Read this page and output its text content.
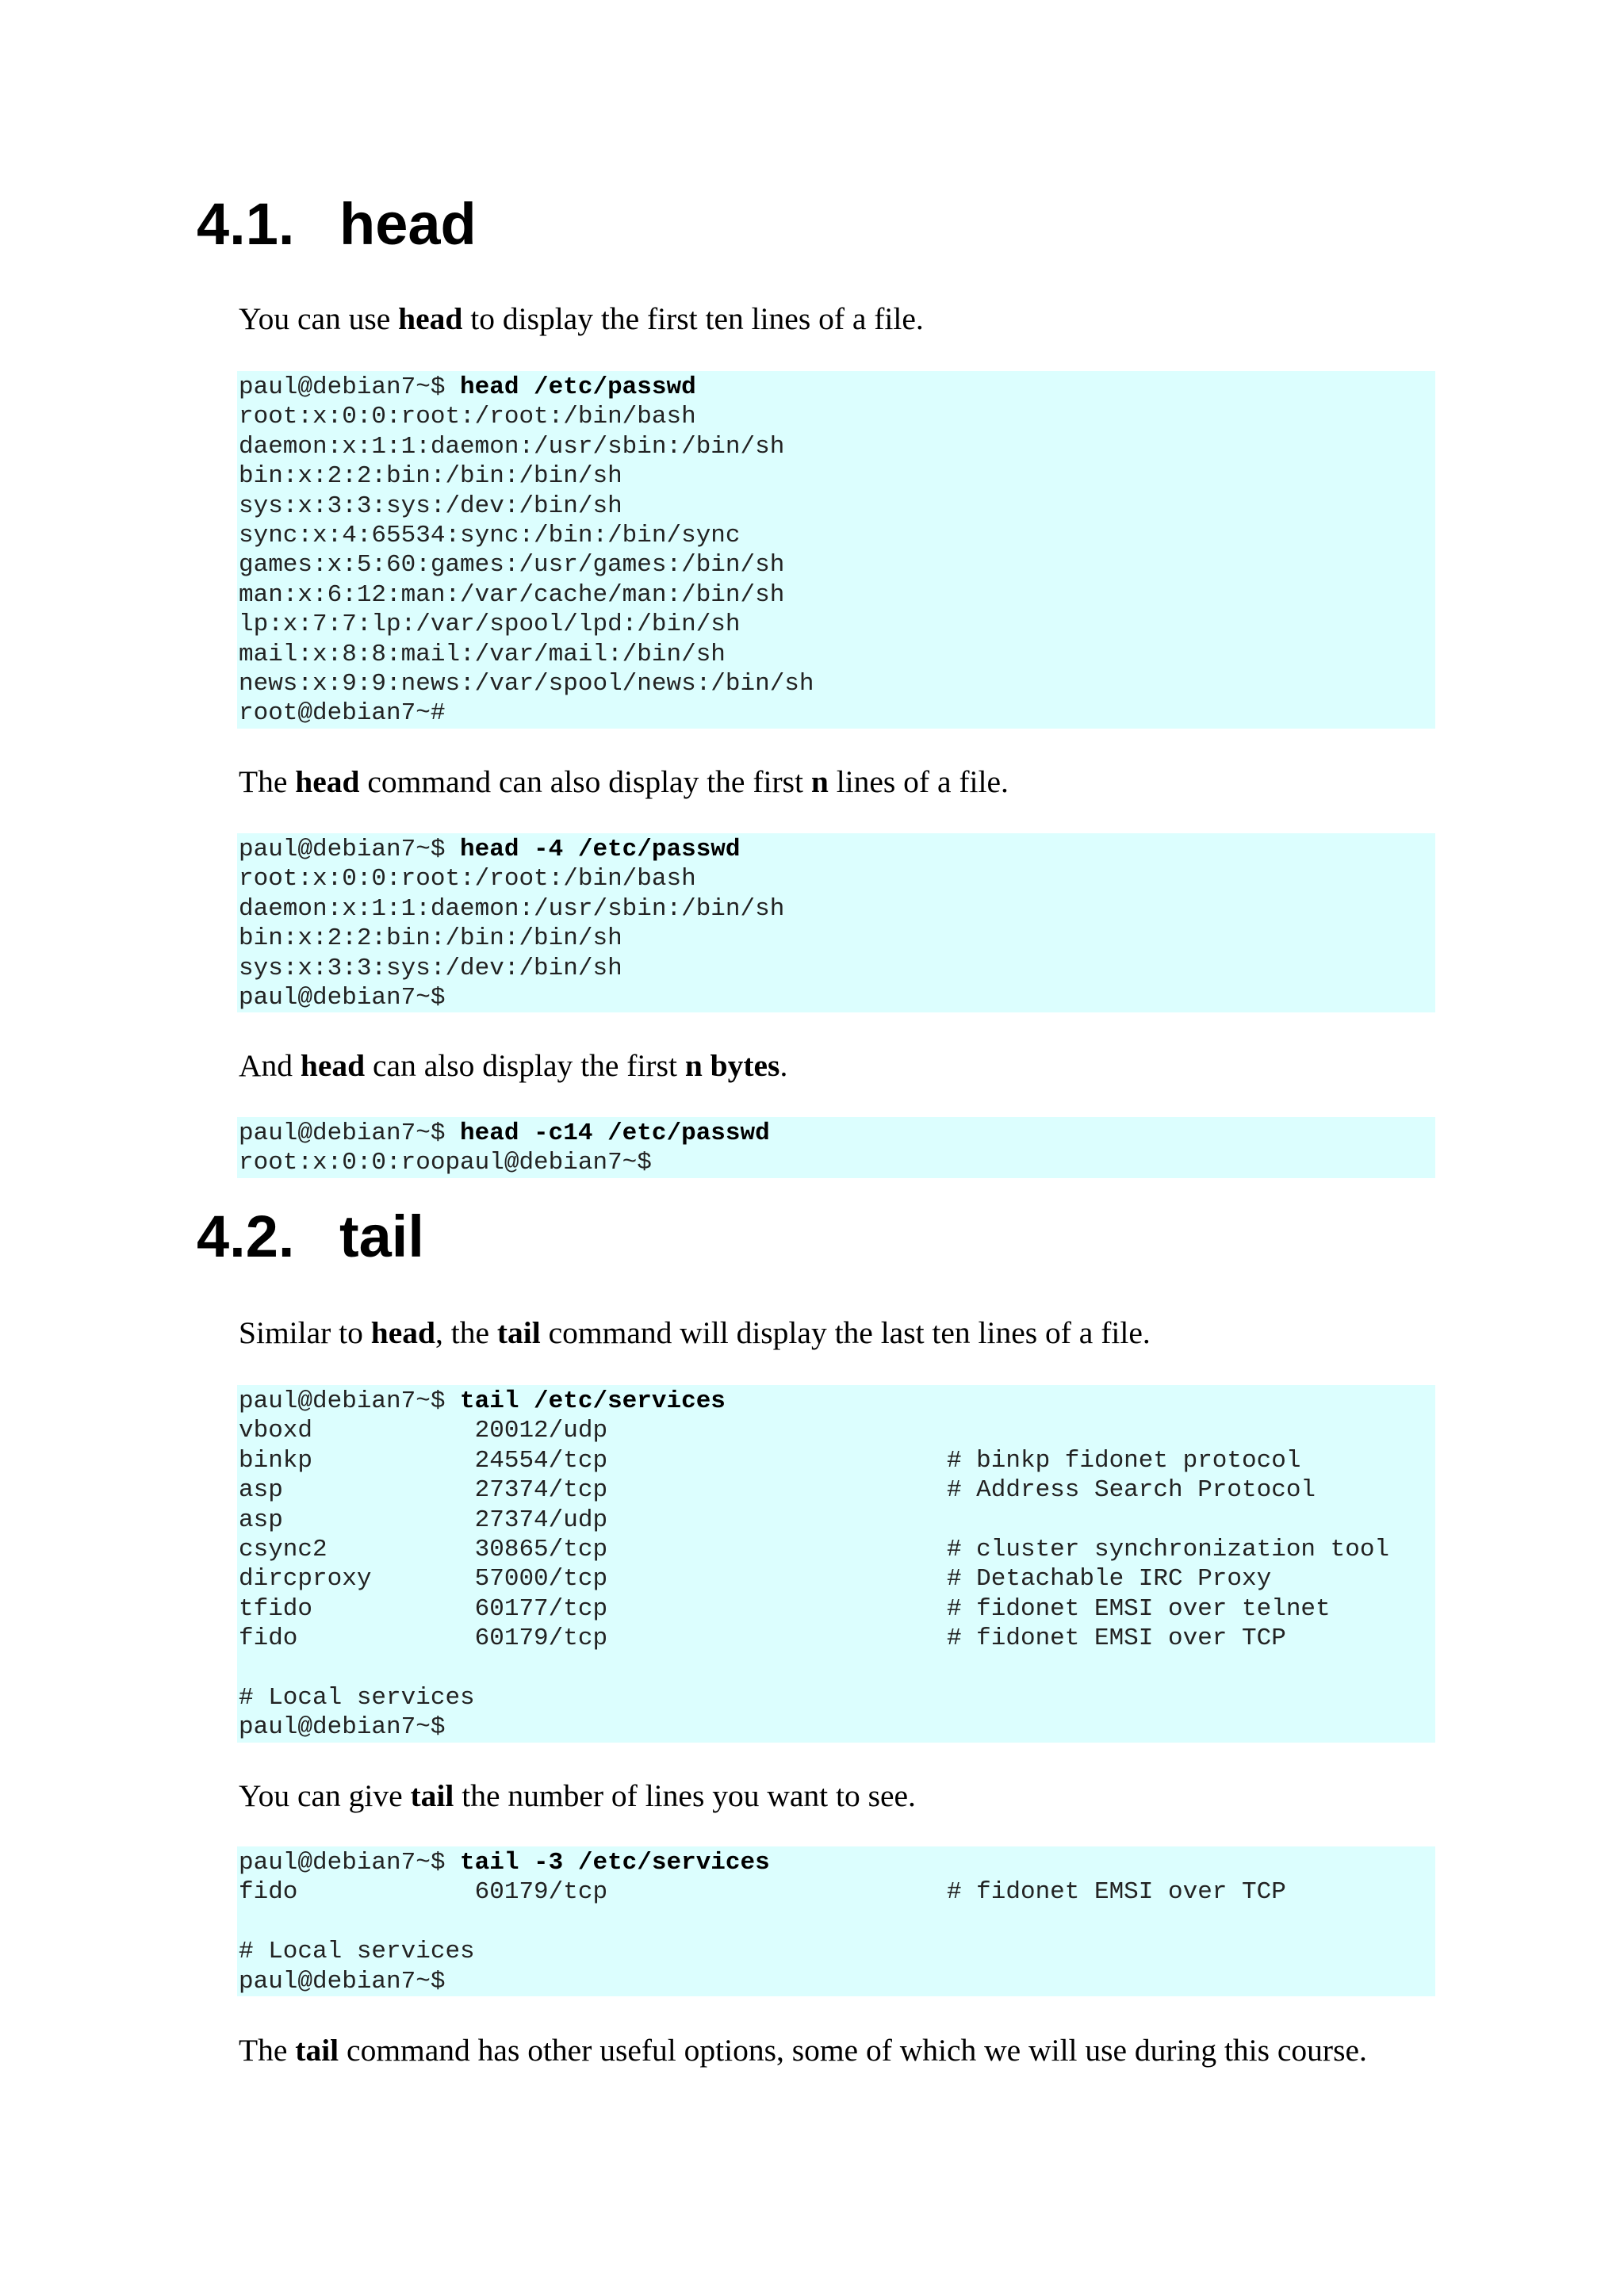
4.1. head

You can use head to display the first ten lines of a file.

paul@debian7~$ head /etc/passwd
root:x:0:0:root:/root:/bin/bash
daemon:x:1:1:daemon:/usr/sbin:/bin/sh
bin:x:2:2:bin:/bin:/bin/sh
sys:x:3:3:sys:/dev:/bin/sh
sync:x:4:65534:sync:/bin:/bin/sync
games:x:5:60:games:/usr/games:/bin/sh
man:x:6:12:man:/var/cache/man:/bin/sh
lp:x:7:7:lp:/var/spool/lpd:/bin/sh
mail:x:8:8:mail:/var/mail:/bin/sh
news:x:9:9:news:/var/spool/news:/bin/sh
root@debian7~#

The head command can also display the first n lines of a file.

paul@debian7~$ head -4 /etc/passwd
root:x:0:0:root:/root:/bin/bash
daemon:x:1:1:daemon:/usr/sbin:/bin/sh
bin:x:2:2:bin:/bin:/bin/sh
sys:x:3:3:sys:/dev:/bin/sh
paul@debian7~$

And head can also display the first n bytes.

paul@debian7~$ head -c14 /etc/passwd
root:x:0:0:roopaul@debian7~$
4.2. tail

Similar to head, the tail command will display the last ten lines of a file.

paul@debian7~$ tail /etc/services
vboxd           20012/udp
binkp           24554/tcp                       # binkp fidonet protocol
asp             27374/tcp                       # Address Search Protocol
asp             27374/udp
csync2          30865/tcp                       # cluster synchronization tool
dircproxy       57000/tcp                       # Detachable IRC Proxy
tfido           60177/tcp                       # fidonet EMSI over telnet
fido            60179/tcp                       # fidonet EMSI over TCP
# Local services
paul@debian7~$

You can give tail the number of lines you want to see.

paul@debian7~$ tail -3 /etc/services
fido            60179/tcp                       # fidonet EMSI over TCP
# Local services
paul@debian7~$

The tail command has other useful options, some of which we will use during this course.
